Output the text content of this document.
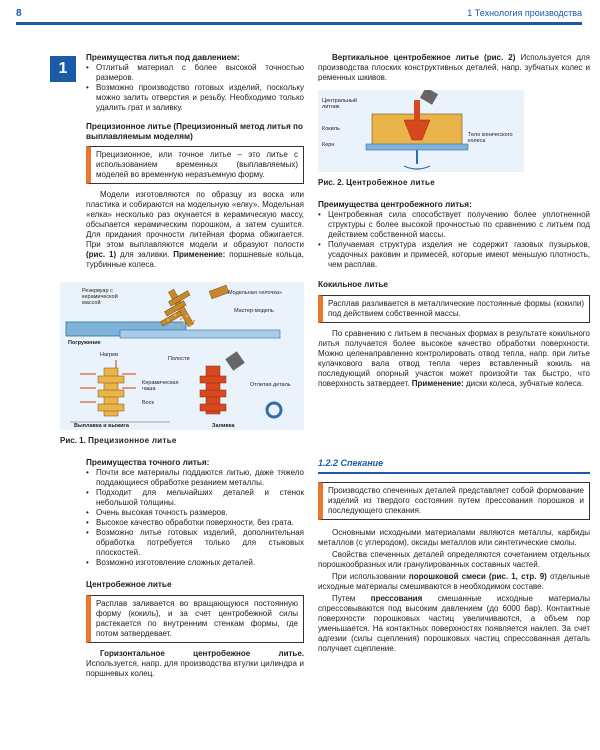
8	1 Технология производства
1
Преимущества литья под давлением:
• Отлитый материал с более высокой точностью размеров.
• Возможно производство готовых изделий, поскольку можно залить отверстия и резьбу. Необходимо только удалить грат и заливку.
Прецизионное литье (Прецизионный метод литья по выплавляемым моделям)

Прецизионное, или точное литье – это литье с использованием временных (выплавляемых) моделей во временную неразъемную форму.

Модели изготовляются по образцу из воска или пластика и собираются на модельную «елку». Модельная «елка» несколько раз окунается в керамическую массу, обсыпается керамическим порошком, а затем сушится. Для придания прочности литейная форма обжигается. При этом выплавляются модели и образуют полости (рис. 1) для заливки. Применение: поршневые кольца, турбинные колеса.

Резервуар с керамической массой
Модельная «елочка»
Мастер-модель
Погружение
Нагрев
Полости
Керамическая чаша
Воск
Отлитая деталь
Выплавка и выжига	Заливка
Рис. 1. Прецизионное литье
Преимущества точного литья:
• Почти все материалы поддаются литью, даже тяжело поддающиеся обработке резанием металлы.
• Подходит для мельчайших деталей и стенок небольшой толщины.
• Очень высокая точность размеров.
• Высокое качество обработки поверхности, без грата.
• Возможно литье готовых изделий, дополнительная обработка потребуется только для стыковых плоскостей.
• Возможно изготовление сложных деталей.
Центробежное литье

Расплав заливается во вращающуюся постоянную форму (кокиль), и за счет центробежной силы растекается по внутренним стенкам формы, где потом затвердевает.

Горизонтальное центробежное литье. Используется, напр. для производства втулки цилиндра и поршневых колец.

Вертикальное центробежное литье (рис. 2) Используется для производства плоских конструктивных деталей, напр. зубчатых колес и ременных шкивов.

Центральный литник
Кокиль
Керн
Тело конического колеса
Рис. 2. Центробежное литье
Преимущества центробежного литья:
• Центробежная сила способствует получению более уплотненной структуры с более высокой прочностью по сравнению с литьем под действием собственной массы.
• Получаемая структура изделия не содержит газовых пузырьков, усадочных раковин и примесей, которые имеют меньшую плотность, чем расплав.
Кокильное литье

Расплав разливается в металлические постоянные формы (кокили) под действием собственной массы.

По сравнению с литьем в песчаных формах в результате кокильного литья получается более высокое качество обработки поверхности. Можно целенаправленно контролировать отвод тепла, напр. при литье кулачкового вала отвод тепла через вставленный кокиль на последующий опорный участок может произойти так быстро, что поверхность затвердеет. Применение: диски колеса, зубчатые колеса.

1.2.2 Спекание

Производство спеченных деталей представляет собой формование изделий из твердого состояния путем прессования порошков и последующего спекания.

Основными исходными материалами являются металлы, карбиды металлов (с углеродом), оксиды металлов или синтетические смолы.

Свойства спеченных деталей определяются сочетанием отдельных порошкообразных или гранулированных составных частей.

При использовании порошковой смеси (рис. 1, стр. 9) отдельные исходные материалы смешиваются в необходимом составе.

Путем прессования смешанные исходные материалы спрессовываются под высоким давлением (до 6000 бар). Контактные поверхности порошковых частиц увеличиваются, а объем пор уменьшается. На контактных поверхностях появляется наклеп. За счет адгезии (силы сцепления) порошковых частиц спрессованная деталь получает сцепление.
